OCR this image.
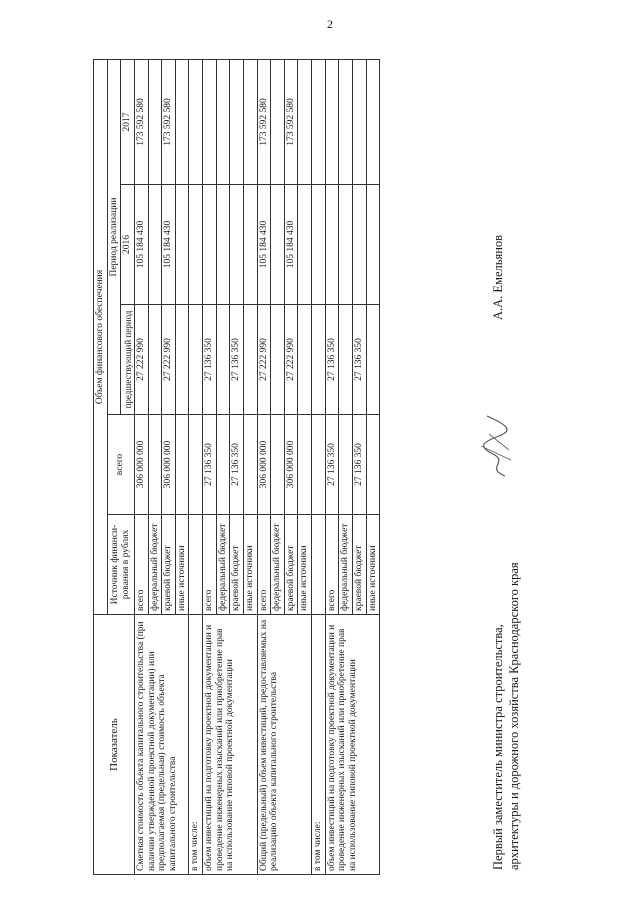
2
Показатель	Объем финансового обеспечения				
	Источник финанси-рования в рублях	всего	Период реализации		
			предшествующий период	2016	2017
Сметная стоимость объекта капитального строительства (при наличии утвержденной проектной документации) или предполагаемая (предельная) стоимость объекта капитального строительства	всего	306 000 000	27 222 990	105 184 430	173 592 580
	федеральный бюджет				
	краевой бюджет	306 000 000	27 222 990	105 184 430	173 592 580
	иные источники				
в том числе:					
объем инвестиций на подготовку проектной документации и проведение инженерных изысканий или приобретение прав на использование типовой проектной документации	всего	27 136 350	27 136 350		
	федеральный бюджет				
	краевой бюджет	27 136 350	27 136 350		
	иные источники				
Общий (предельный) объем инвестиций, предоставляемых на реализацию объекта капитального строительства	всего	306 000 000	27 222 990	105 184 430	173 592 580
	федеральный бюджет				
	краевой бюджет	306 000 000	27 222 990	105 184 430	173 592 580
	иные источники				
в том числе:					
объем инвестиций на подготовку проектной документации и проведение инженерных изысканий или приобретение прав на использование типовой проектной документации	всего	27 136 350	27 136 350		
	федеральный бюджет				
	краевой бюджет	27 136 350	27 136 350		
	иные источники				
Первый заместитель министра строительства, архитектуры и дорожного хозяйства Краснодарского края
А.А. Емельянов
